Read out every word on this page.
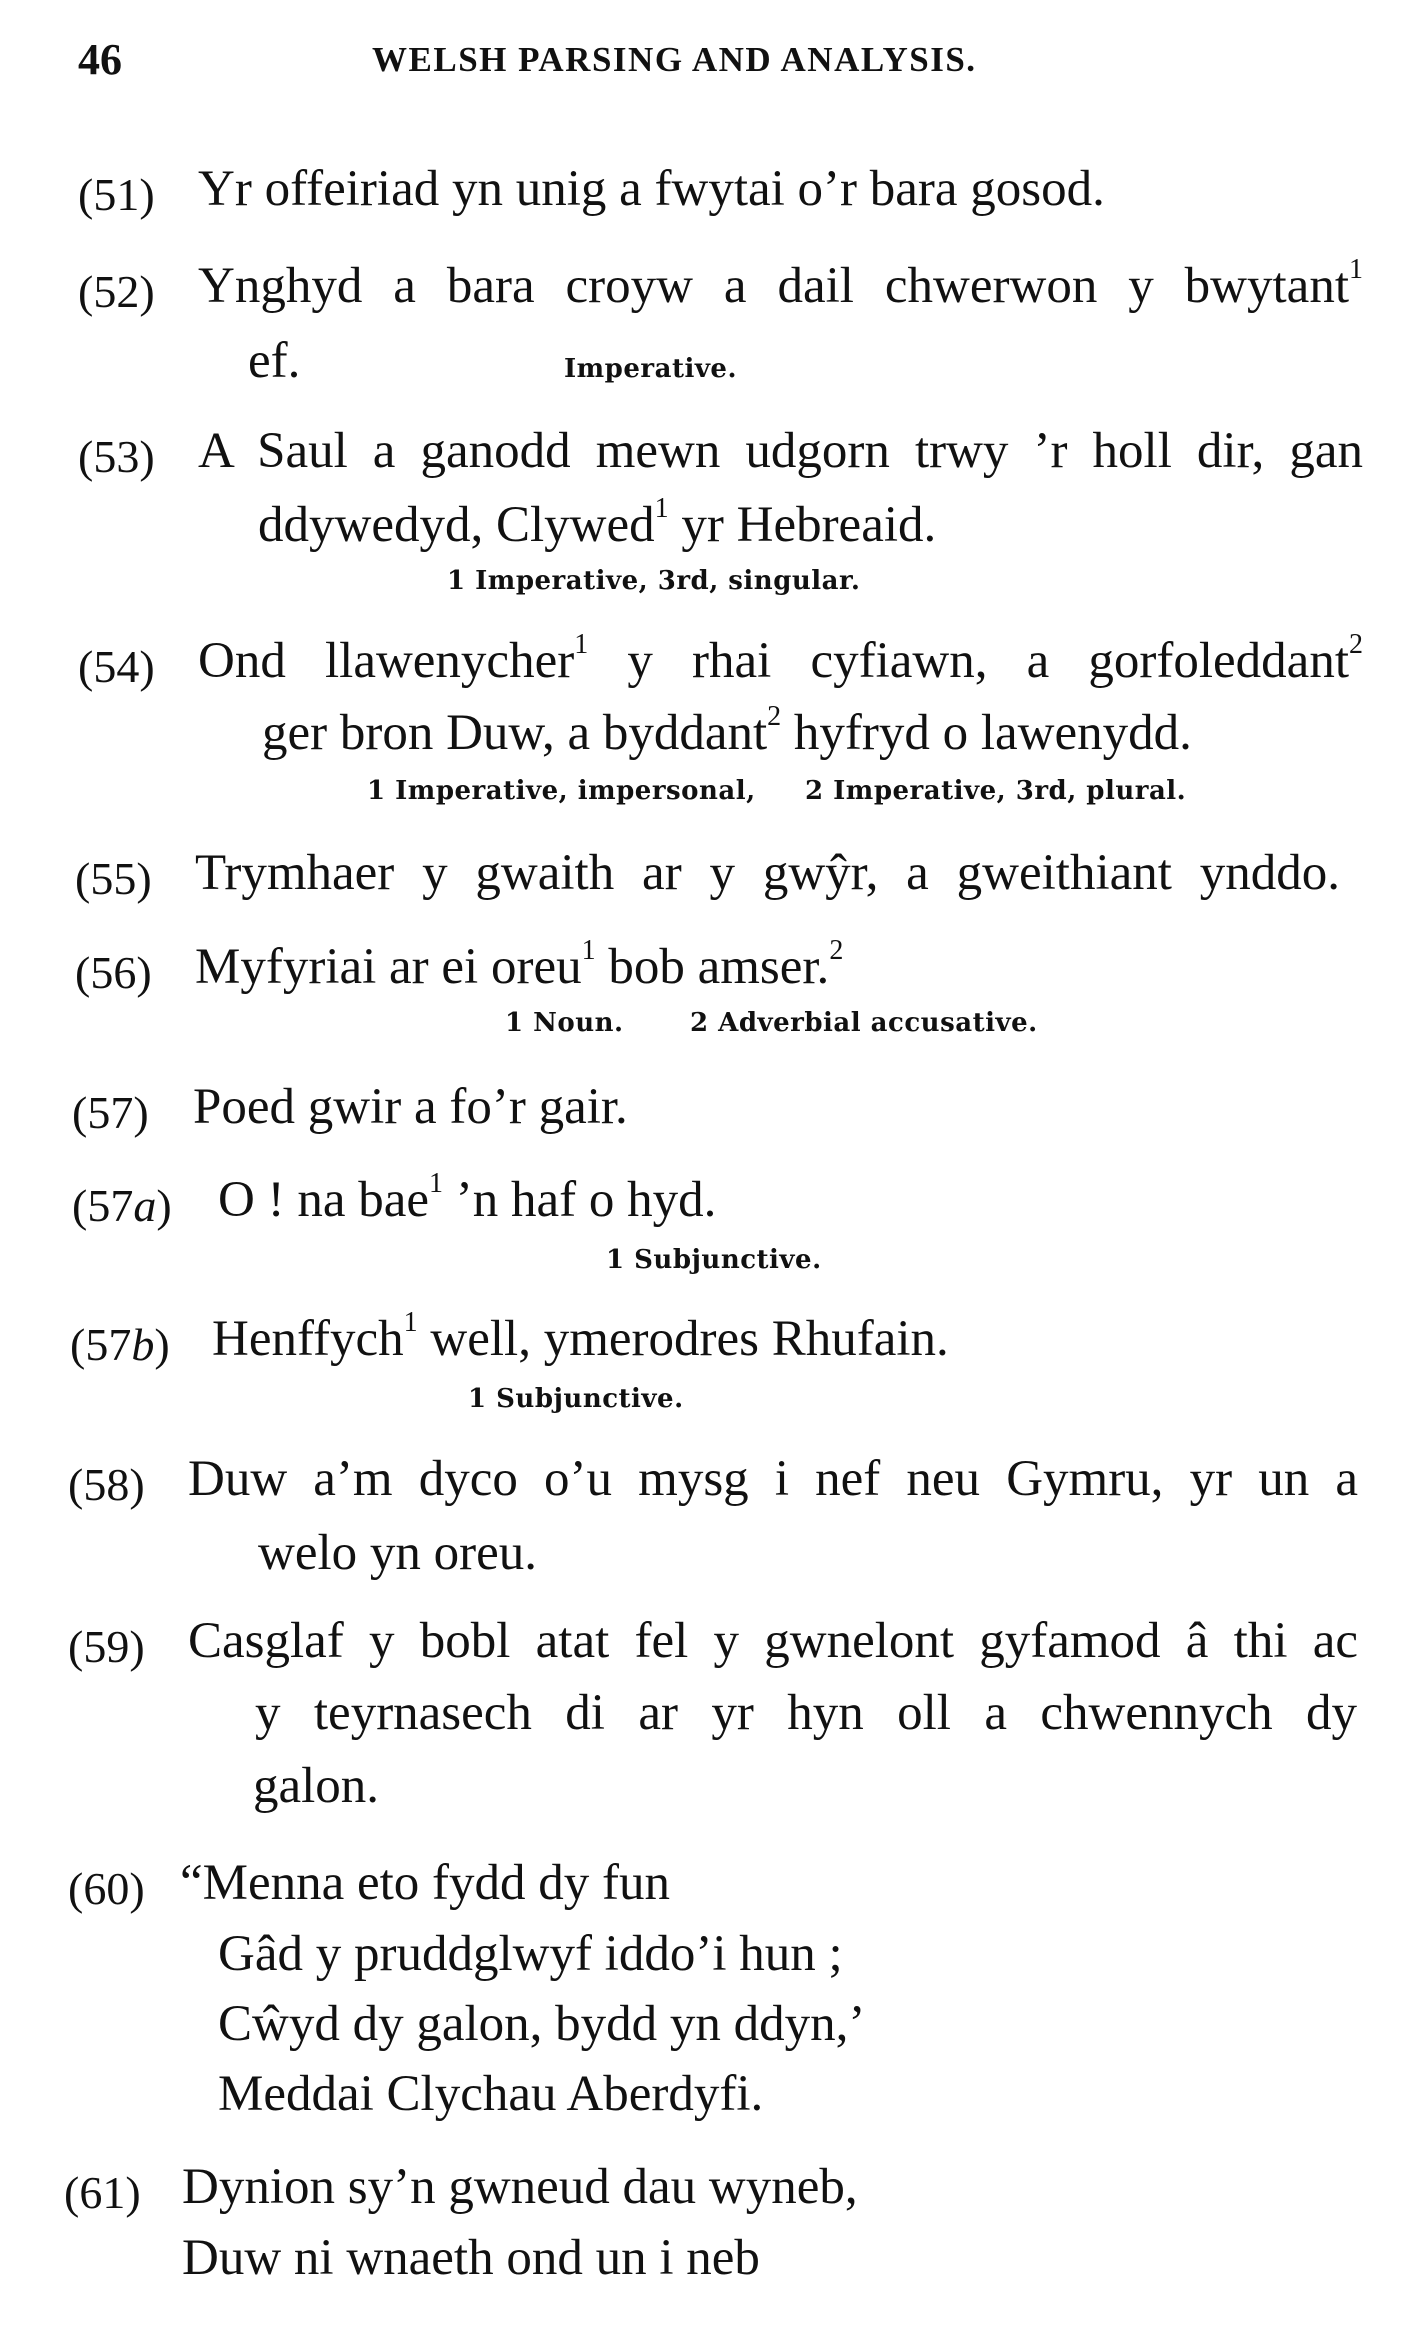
46	WELSH PARSING AND ANALYSIS.
(51) Yr offeiriad yn unig a fwytai o’r bara gosod.
(52) Ynghyd a bara croyw a dail chwerwon y bwytant$^1$
ef.	Imperative.
(53) A Saul a ganodd mewn udgorn trwy ’r holl dir, gan
ddywedyd, Clywed$^1$ yr Hebreaid.
1 Imperative, 3rd, singular.
(54) Ond llawenycher$^1$ y rhai cyfiawn, a gorfoleddant$^2$
ger bron Duw, a byddant$^2$ hyfryd o lawenydd.
1 Imperative, impersonal, 2 Imperative, 3rd, plural.
(55) Trymhaer y gwaith ar y gwŷr, a gweithiant ynddo.
(56) Myfyriai ar ei oreu$^1$ bob amser.$^2$
1 Noun.	2 Adverbial accusative.
(57) Poed gwir a fo’r gair.
(57a) O ! na bae$^1$ ’n haf o hyd.
1 Subjunctive.
(57b) Henffych$^1$ well, ymerodres Rhufain.
1 Subjunctive.
(58) Duw a’m dyco o’u mysg i nef neu Gymru, yr un a
welo yn oreu.
(59) Casglaf y bobl atat fel y gwnelont gyfamod â thi ac
y teyrnasech di ar yr hyn oll a chwennych dy
galon.
(60) “Menna eto fydd dy fun
Gâd y pruddglwyf iddo’i hun ;
Cŵyd dy galon, bydd yn ddyn,’
Meddai Clychau Aberdyfi.
(61) Dynion sy’n gwneud dau wyneb,
Duw ni wnaeth ond un i neb
